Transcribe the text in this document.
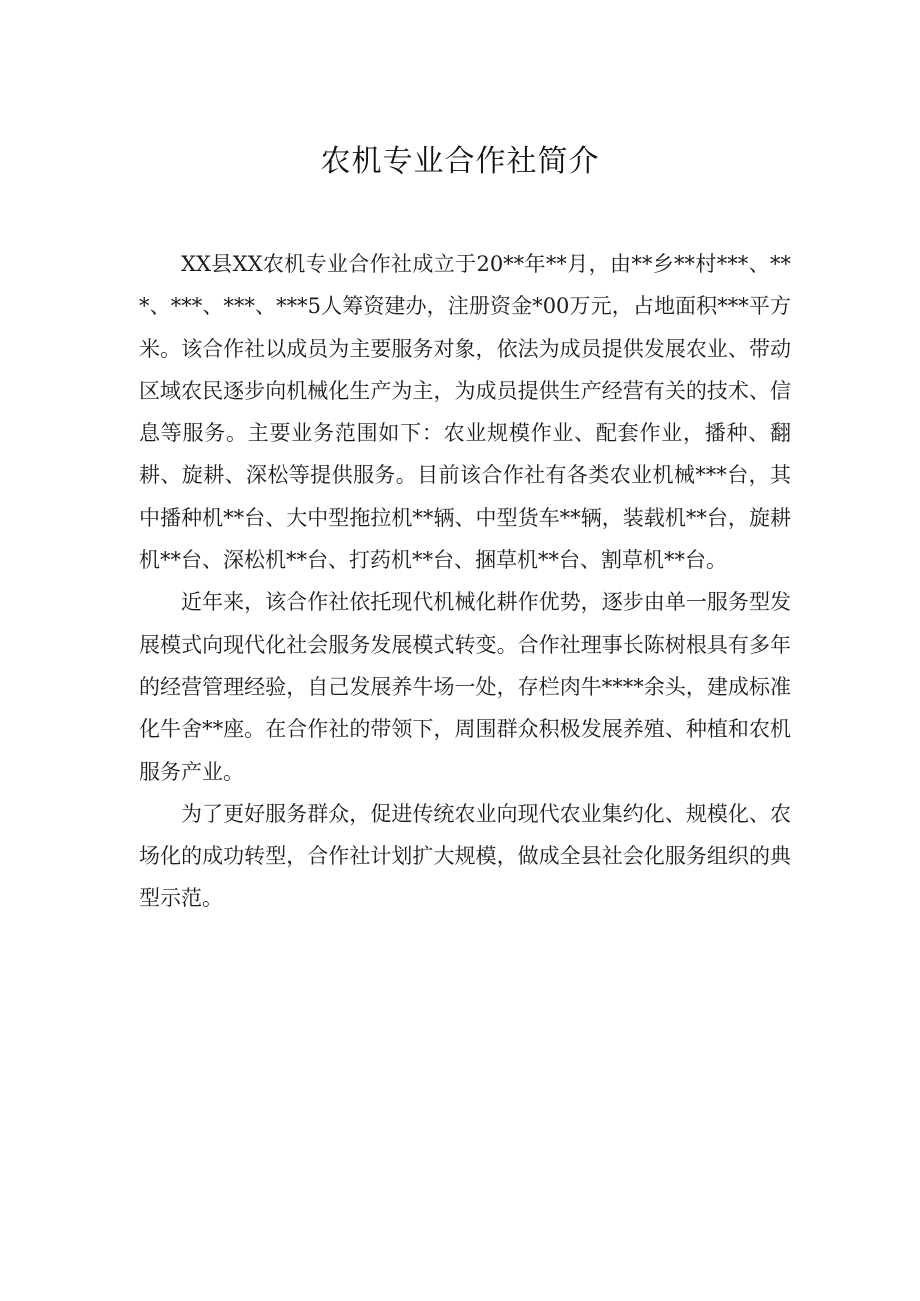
农机专业合作社简介

XX县XX农机专业合作社成立于20**年**月，由**乡**村***、***、***、***、***5人筹资建办，注册资金*00万元，占地面积***平方米。该合作社以成员为主要服务对象，依法为成员提供发展农业、带动区域农民逐步向机械化生产为主，为成员提供生产经营有关的技术、信息等服务。主要业务范围如下：农业规模作业、配套作业，播种、翻耕、旋耕、深松等提供服务。目前该合作社有各类农业机械***台，其中播种机**台、大中型拖拉机**辆、中型货车**辆，装载机**台，旋耕机**台、深松机**台、打药机**台、捆草机**台、割草机**台。

近年来，该合作社依托现代机械化耕作优势，逐步由单一服务型发展模式向现代化社会服务发展模式转变。合作社理事长陈树根具有多年的经营管理经验，自己发展养牛场一处，存栏肉牛****余头，建成标准化牛舍**座。在合作社的带领下，周围群众积极发展养殖、种植和农机服务产业。

为了更好服务群众，促进传统农业向现代农业集约化、规模化、农场化的成功转型，合作社计划扩大规模，做成全县社会化服务组织的典型示范。
